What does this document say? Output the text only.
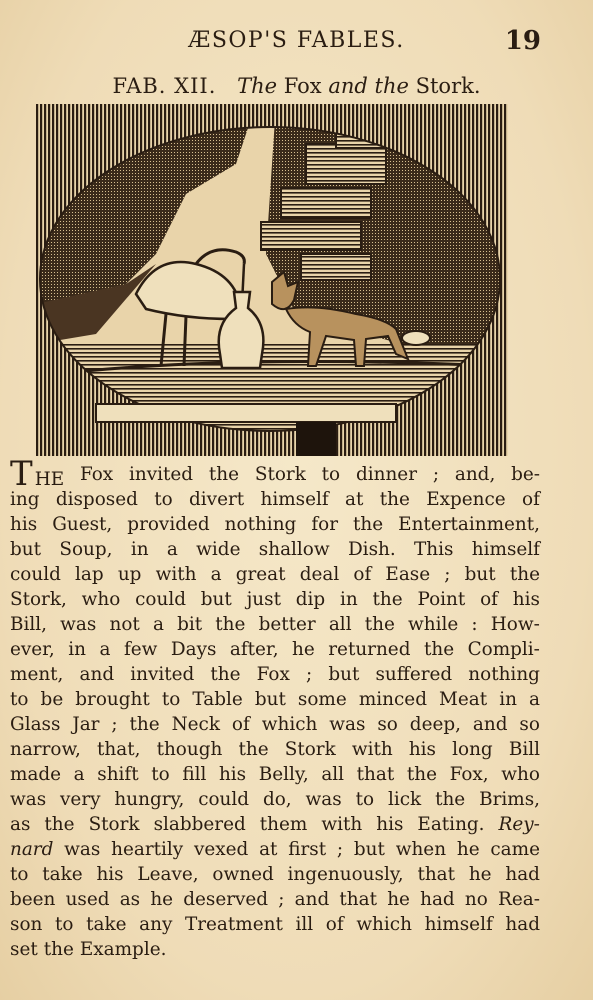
ÆSOP'S FABLES.	19
FAB. XII. The Fox and the Stork.
T HE Fox invited the Stork to dinner ; and, be-
ing disposed to divert himself at the Expence of
his Guest, provided nothing for the Entertainment,
but Soup, in a wide shallow Dish. This himself
could lap up with a great deal of Ease ; but the
Stork, who could but just dip in the Point of his
Bill, was not a bit the better all the while : How-
ever, in a few Days after, he returned the Compli-
ment, and invited the Fox ; but suffered nothing
to be brought to Table but some minced Meat in a
Glass Jar ; the Neck of which was so deep, and so
narrow, that, though the Stork with his long Bill
made a shift to fill his Belly, all that the Fox, who
was very hungry, could do, was to lick the Brims,
as the Stork slabbered them with his Eating. Rey-
nard was heartily vexed at first ; but when he came
to take his Leave, owned ingenuously, that he had
been used as he deserved ; and that he had no Rea-
son to take any Treatment ill of which himself had
set the Example.
